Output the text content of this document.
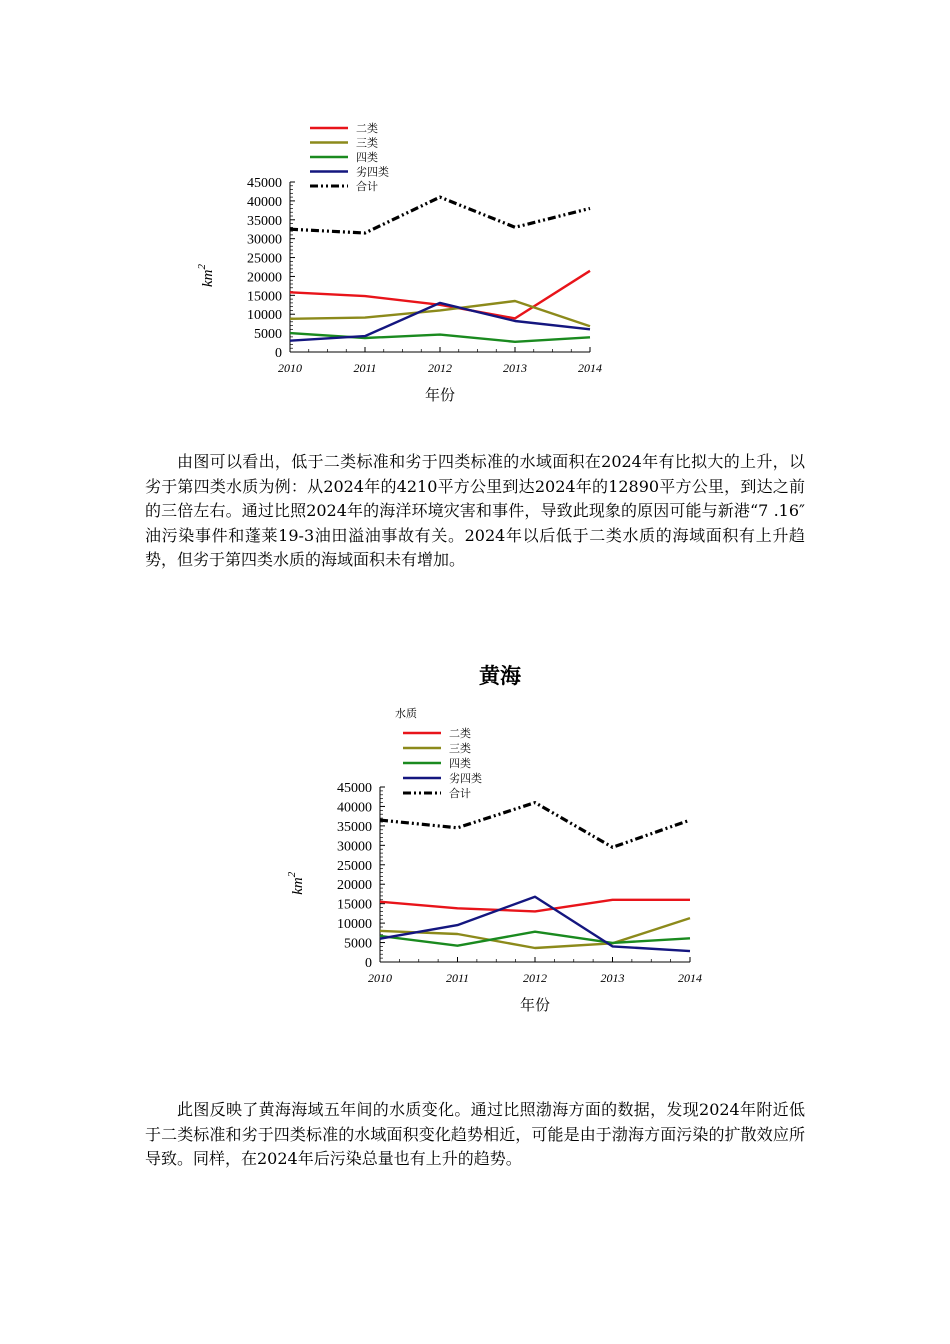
二类
三类
四类
劣四类
合计
0
5000
10000
15000
20000
25000
30000
35000
40000
45000
2010	2011	2012	2013	2014
年份
$km^2$

由图可以看出，低于二类标准和劣于四类标准的水域面积在2024年有比拟大的上升，以劣于第四类水质为例：从2024年的4210平方公里到达2024年的12890平方公里，到达之前的三倍左右。通过比照2024年的海洋环境灾害和事件，导致此现象的原因可能与新港“7 .16″油污染事件和蓬莱19-3油田溢油事故有关。2024年以后低于二类水质的海域面积有上升趋势，但劣于第四类水质的海域面积未有增加。

黄海
水质
二类
三类
四类
劣四类
合计
0
5000
10000
15000
20000
25000
30000
35000
40000
45000
2010	2011	2012	2013	2014
年份
$km^2$

此图反映了黄海海域五年间的水质变化。通过比照渤海方面的数据，发现2024年附近低于二类标准和劣于四类标准的水域面积变化趋势相近，可能是由于渤海方面污染的扩散效应所导致。同样，在2024年后污染总量也有上升的趋势。
